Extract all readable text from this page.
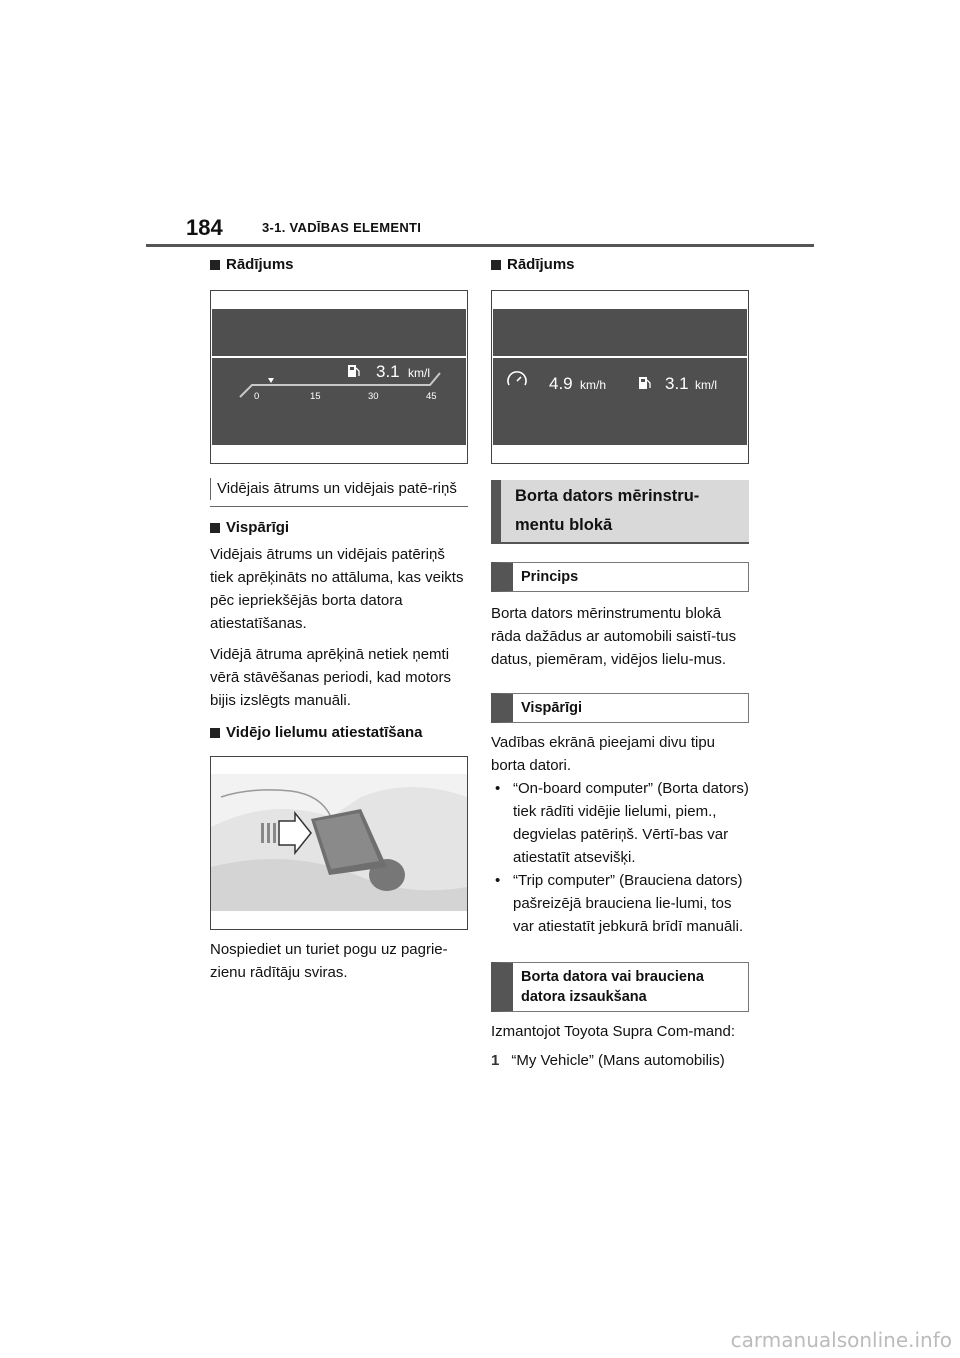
184	3-1. VADĪBAS ELEMENTI
Rādījums
3.1 km/l
0	15	30	45
Vidējais ātrums un vidējais patē-riņš
Vispārīgi

Vidējais ātrums un vidējais patēriņš tiek aprēķināts no attāluma, kas veikts pēc iepriekšējās borta datora atiestatīšanas.

Vidējā ātruma aprēķinā netiek ņemti vērā stāvēšanas periodi, kad motors bijis izslēgts manuāli.

Vidējo lielumu atiestatīšana

Nospiediet un turiet pogu uz pagrie-zienu rādītāju sviras.

Rādījums
4.9 km/h	3.1 km/l
Borta dators mērinstru-mentu blokā
Princips

Borta dators mērinstrumentu blokā rāda dažādus ar automobili saistī-tus datus, piemēram, vidējos lielu-mus.

Vispārīgi

Vadības ekrānā pieejami divu tipu borta datori.

• “On-board computer” (Borta dators) tiek rādīti vidējie lielumi, piem., degvielas patēriņš. Vērtī-bas var atiestatīt atsevišķi.
• “Trip computer” (Brauciena dators) pašreizējā brauciena lie-lumi, tos var atiestatīt jebkurā brīdī manuāli.
Borta datora vai brauciena datora izsaukšana

Izmantojot Toyota Supra Com-mand:

1 “My Vehicle” (Mans automobilis)
carmanualsonline.info
